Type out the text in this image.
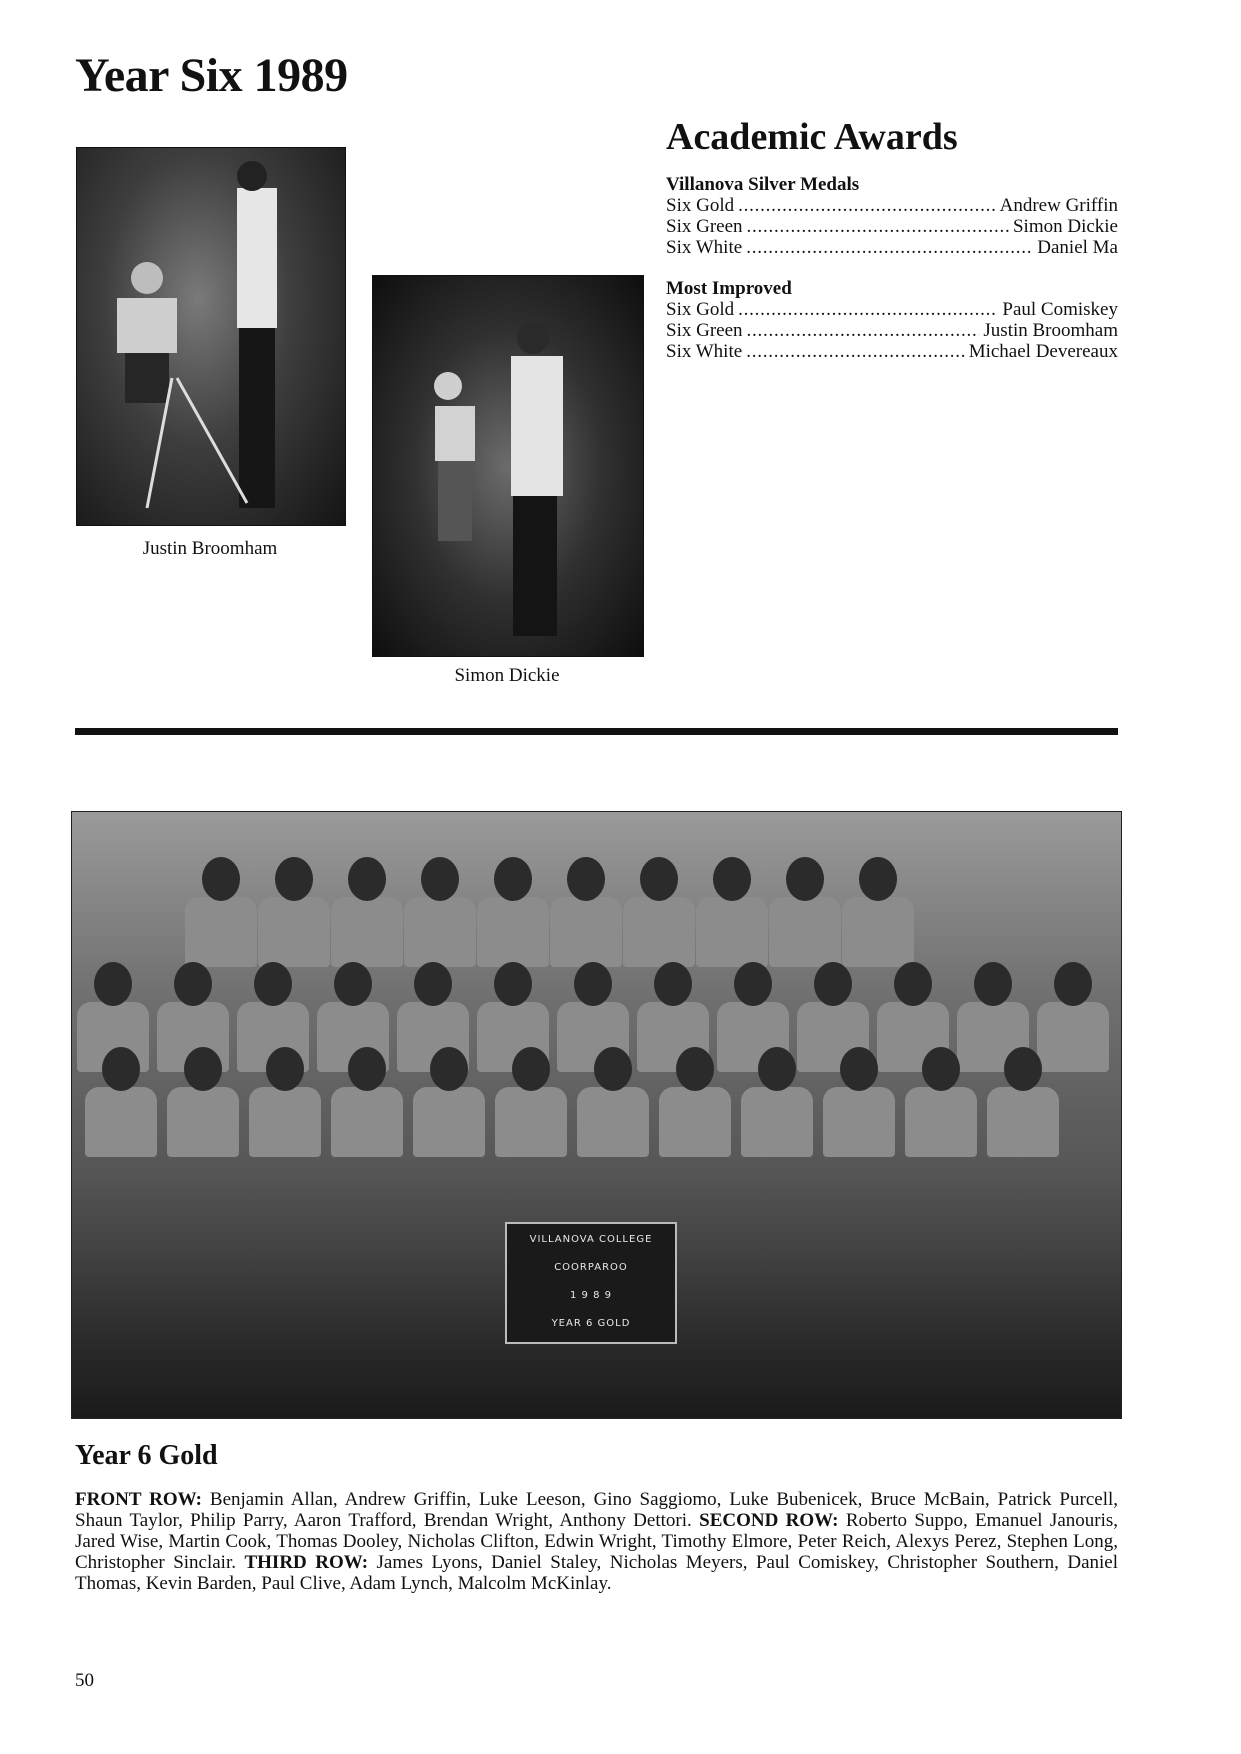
Year Six 1989
Justin Broomham
Simon Dickie
Academic Awards
Villanova Silver Medals
Six Gold . . .	Andrew Griffin
Six Green . . .	Simon Dickie
Six White . . .	Daniel Ma
Most Improved
Six Gold . . .	Paul Comiskey
Six Green . . .	Justin Broomham
Six White . . .	Michael Devereaux
VILLANOVA COLLEGE
COORPAROO
1 9 8 9
YEAR 6 GOLD
Year 6 Gold
FRONT ROW: Benjamin Allan, Andrew Griffin, Luke Leeson, Gino Saggiomo, Luke Bubenicek, Bruce McBain, Patrick Purcell, Shaun Taylor, Philip Parry, Aaron Trafford, Brendan Wright, Anthony Dettori. SECOND ROW: Roberto Suppo, Emanuel Janouris, Jared Wise, Martin Cook, Thomas Dooley, Nicholas Clifton, Edwin Wright, Timothy Elmore, Peter Reich, Alexys Perez, Stephen Long, Christopher Sinclair. THIRD ROW: James Lyons, Daniel Staley, Nicholas Meyers, Paul Comiskey, Christopher Southern, Daniel Thomas, Kevin Barden, Paul Clive, Adam Lynch, Malcolm McKinlay.
50
